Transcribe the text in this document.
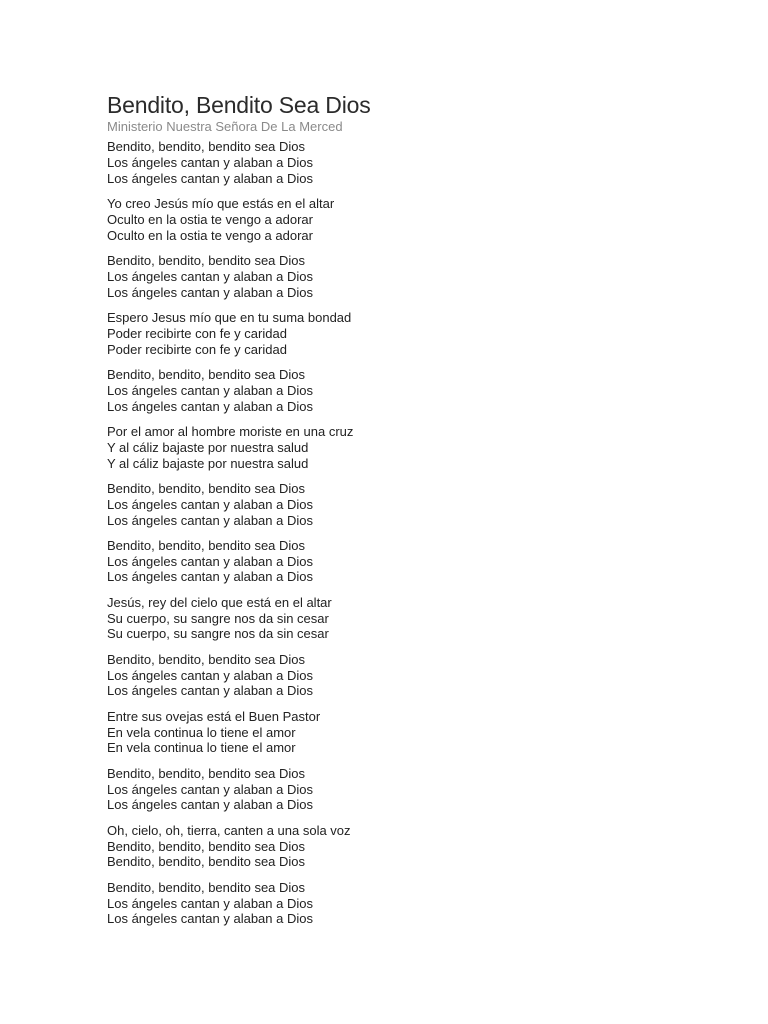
Bendito, Bendito Sea Dios
Ministerio Nuestra Señora De La Merced
Bendito, bendito, bendito sea Dios
Los ángeles cantan y alaban a Dios
Los ángeles cantan y alaban a Dios
Yo creo Jesús mío que estás en el altar
Oculto en la ostia te vengo a adorar
Oculto en la ostia te vengo a adorar
Bendito, bendito, bendito sea Dios
Los ángeles cantan y alaban a Dios
Los ángeles cantan y alaban a Dios
Espero Jesus mío que en tu suma bondad
Poder recibirte con fe y caridad
Poder recibirte con fe y caridad
Bendito, bendito, bendito sea Dios
Los ángeles cantan y alaban a Dios
Los ángeles cantan y alaban a Dios
Por el amor al hombre moriste en una cruz
Y al cáliz bajaste por nuestra salud
Y al cáliz bajaste por nuestra salud
Bendito, bendito, bendito sea Dios
Los ángeles cantan y alaban a Dios
Los ángeles cantan y alaban a Dios
Bendito, bendito, bendito sea Dios
Los ángeles cantan y alaban a Dios
Los ángeles cantan y alaban a Dios
Jesús, rey del cielo que está en el altar
Su cuerpo, su sangre nos da sin cesar
Su cuerpo, su sangre nos da sin cesar
Bendito, bendito, bendito sea Dios
Los ángeles cantan y alaban a Dios
Los ángeles cantan y alaban a Dios
Entre sus ovejas está el Buen Pastor
En vela continua lo tiene el amor
En vela continua lo tiene el amor
Bendito, bendito, bendito sea Dios
Los ángeles cantan y alaban a Dios
Los ángeles cantan y alaban a Dios
Oh, cielo, oh, tierra, canten a una sola voz
Bendito, bendito, bendito sea Dios
Bendito, bendito, bendito sea Dios
Bendito, bendito, bendito sea Dios
Los ángeles cantan y alaban a Dios
Los ángeles cantan y alaban a Dios
